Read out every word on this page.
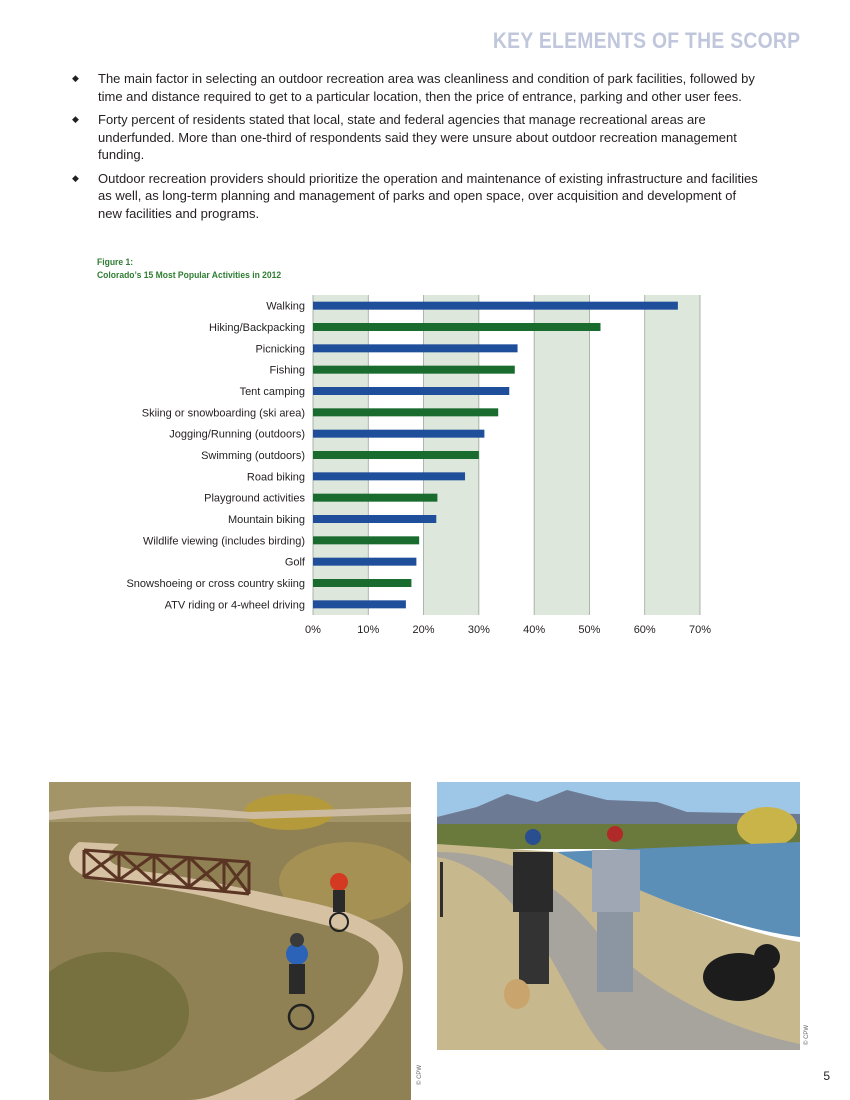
KEY ELEMENTS OF THE SCORP
◆ The main factor in selecting an outdoor recreation area was cleanliness and condition of park facilities, followed by time and distance required to get to a particular location, then the price of entrance, parking and other user fees.
◆ Forty percent of residents stated that local, state and federal agencies that manage recreational areas are underfunded. More than one-third of respondents said they were unsure about outdoor recreation management funding.
◆ Outdoor recreation providers should prioritize the operation and maintenance of existing infrastructure and facilities as well, as long-term planning and management of parks and open space, over acquisition and development of new facilities and programs.
Figure 1:
Colorado’s 15 Most Popular Activities in 2012
Walking
Hiking/Backpacking
Picnicking
Fishing
Tent camping
Skiing or snowboarding (ski area)
Jogging/Running (outdoors)
Swimming (outdoors)
Road biking
Playground activities
Mountain biking
Wildlife viewing (includes birding)
Golf
Snowshoeing or cross country skiing
ATV riding or 4-wheel driving
0%	10%	20%	30%	40%	50%	60%	70%
© CPW
© CPW
5
